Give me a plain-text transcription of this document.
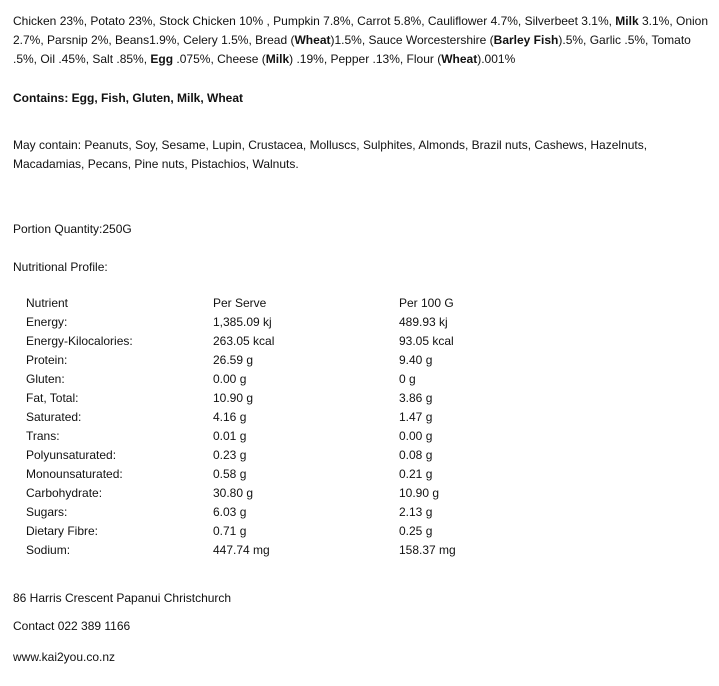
Chicken 23%, Potato 23%, Stock Chicken 10% , Pumpkin 7.8%, Carrot 5.8%, Cauliflower 4.7%, Silverbeet 3.1%, Milk 3.1%, Onion 2.7%, Parsnip 2%, Beans1.9%, Celery 1.5%, Bread (Wheat)1.5%, Sauce Worcestershire (Barley Fish).5%, Garlic .5%, Tomato .5%, Oil .45%, Salt .85%, Egg .075%, Cheese (Milk) .19%, Pepper .13%, Flour (Wheat).001%
Contains: Egg, Fish, Gluten, Milk, Wheat
May contain: Peanuts, Soy, Sesame, Lupin, Crustacea, Molluscs, Sulphites, Almonds, Brazil nuts, Cashews, Hazelnuts, Macadamias, Pecans, Pine nuts, Pistachios, Walnuts.
Portion Quantity:250G
Nutritional Profile:
Nutrient	Per Serve	Per 100 G
Energy:	1,385.09 kj	489.93 kj
Energy-Kilocalories:	263.05 kcal	93.05 kcal
Protein:	26.59 g	9.40 g
Gluten:	0.00 g	0 g
Fat, Total:	10.90 g	3.86 g
Saturated:	4.16 g	1.47 g
Trans:	0.01 g	0.00 g
Polyunsaturated:	0.23 g	0.08 g
Monounsaturated:	0.58 g	0.21 g
Carbohydrate:	30.80 g	10.90 g
Sugars:	6.03 g	2.13 g
Dietary Fibre:	0.71 g	0.25 g
Sodium:	447.74 mg	158.37 mg
86 Harris Crescent Papanui Christchurch
Contact 022 389 1166
www.kai2you.co.nz
